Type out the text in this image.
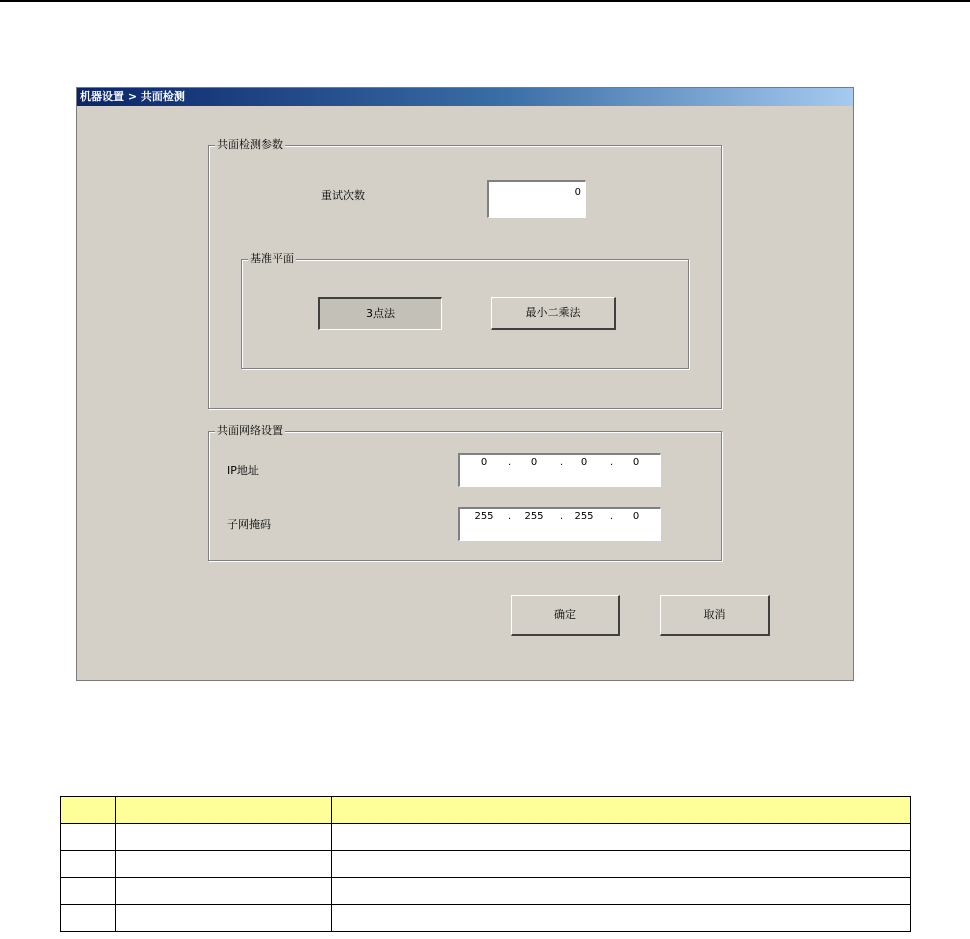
机器设置 > 共面检测
共面检测参数
重试次数	0
基准平面
3点法	最小二乘法
共面网络设置
IP地址
0	.	0	.	0	.	0
子网掩码
255	.	255	.	255	.	0
确定	取消
